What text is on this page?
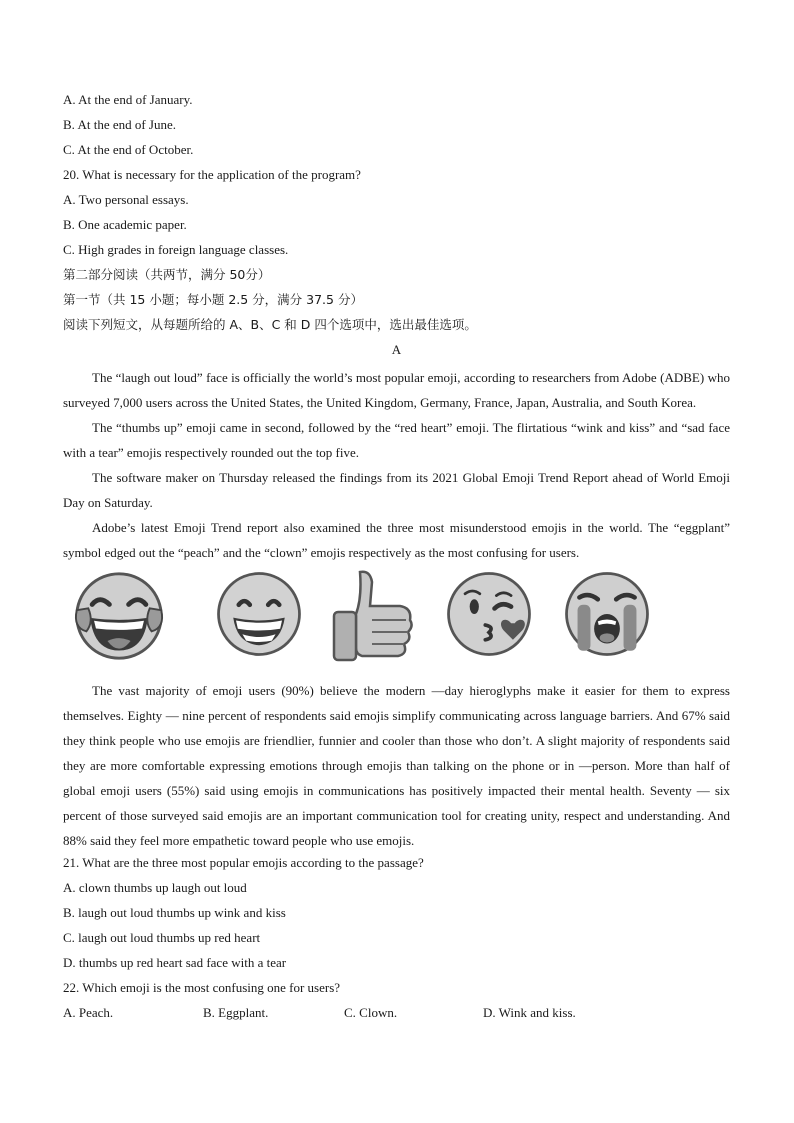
A. At the end of January.
B. At the end of June.
C. At the end of October.
20. What is necessary for the application of the program?
A. Two personal essays.
B. One academic paper.
C. High grades in foreign language classes.
第二部分阅读（共两节，满分 50分）
第一节（共 15 小题；每小题 2.5 分，满分 37.5 分）
阅读下列短文，从每题所给的 A、B、C 和 D 四个选项中，选出最佳选项。
A

The “laugh out loud” face is officially the world’s most popular emoji, according to researchers from Adobe (ADBE) who surveyed 7,000 users across the United States, the United Kingdom, Germany, France, Japan, Australia, and South Korea.

The “thumbs up” emoji came in second, followed by the “red heart” emoji. The flirtatious “wink and kiss” and “sad face with a tear” emojis respectively rounded out the top five.

The software maker on Thursday released the findings from its 2021 Global Emoji Trend Report ahead of World Emoji Day on Saturday.

Adobe’s latest Emoji Trend report also examined the three most misunderstood emojis in the world. The “eggplant” symbol edged out the “peach” and the “clown” emojis respectively as the most confusing for users.

The vast majority of emoji users (90%) believe the modern —day hieroglyphs make it easier for them to express themselves. Eighty — nine percent of respondents said emojis simplify communicating across language barriers. And 67% said they think people who use emojis are friendlier, funnier and cooler than those who don’t. A slight majority of respondents said they are more comfortable expressing emotions through emojis than talking on the phone or in —person. More than half of global emoji users (55%) said using emojis in communications has positively impacted their mental health. Seventy — six percent of those surveyed said emojis are an important communication tool for creating unity, respect and understanding. And 88% said they feel more empathetic toward people who use emojis.

21. What are the three most popular emojis according to the passage?
A. clown thumbs up laugh out loud
B. laugh out loud thumbs up wink and kiss
C. laugh out loud thumbs up red heart
D. thumbs up red heart sad face with a tear
22. Which emoji is the most confusing one for users?
A. Peach.	B. Eggplant.	C. Clown.	D. Wink and kiss.
